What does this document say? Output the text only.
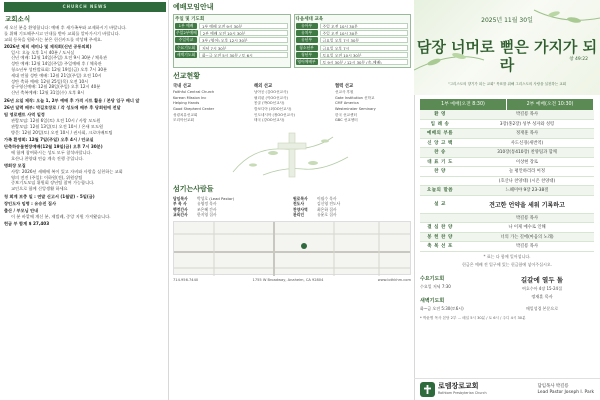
CHURCH NEWS
교회소식
새 오신 분을 환영합니다: 예배 후 새가족부와 교제하시기 바랍니다.
를 위해 기도해주시고 안내를 받아 교회를 알아가시기 바랍니다.
교회 등록을 원하시는 분은 헌신카드를 작성해 주세요.
2026년 제직 세미나 및 제직회(신년 공동의회)
일시: 오늘 오후 1시 40분 / 도서실
신년 예배: 12월 14일(주일) 오전 9시 30분 / 체육관
성탄 예배: 12월 14일(주일) 주일예배 후 / 체육관
청소년부 성탄발표회: 12월 19일(금) 오후 7시 30분
세대 연합 성탄 예배: 12월 21일(주일) 오전 10시
성탄 축하 예배: 12월 25일(목) 오전 10시
송구영신예배: 12월 28일(주일) 오후 12시 40분
신년 축복예배: 12월 31일(수) 오후 8시
26년 요일 제작: 오늘 1, 2부 예배 후 가격 시트 활용 / 본당 입구 배너 앞
26년 달력 배부: 박길호장로 / 각 성도에 배부 후 당회원에 전달
팀 영로벤트 사역 일정
관람모임: 12월 6일(토) 오전 10시 / 사랑 모도원
관람모임: 12월 13일(토) 오전 10시 / 온새 모도원
방문: 12월 20일(토) 오전 10시 / 권사회, 크로마배트팀
가족 환영회: 12월 7일(주일) 오후 4시 / 안교실
단축하송물현장예배(12월 19일(금) 오후 7시 30분)
에 함께 참여하시는 성도 모두 참석바랍니다.
호산나 찬양대 연습 계속 진행 중입니다.
명회장 모집
사랑: 2026년 새해에 복이 있고 자비와 사랑을 실천하는 교회
영의 전진 (주일): 이하원(전), 위원장팀
중보기도모임 위원회 장년팀 참여 가능합니다.
교인으로 함께 신앙생활 하세요
청 회계 보충 일 : 연말 신고서 (1월말) - 5일(금)
장인도자 임명 : 유승진 집사
출산 / 부모님 안내
이 분 바깥에 계신 분, 제빌레, 중앙 지원 가져왔습니다.
헌금 부 합계 $ 27,403
예배모임안내
주일 및 기도회
1부 예배	1부 예배 오전 9시 30분
주일2부예배	2부 예배 오전 10시 30분
주일학교	3부 (영어) 오후 12시 30분
수요기도회	저녁 7시 30분
새벽기도회	화~금 오전 5시 30분 / 토 6시
다음세대 교육
유아부	주일 오전 10시 30분
유치부	주일 오전 10시 30분
유년부	금요일 오후 7시 30분
청소년부	금요일 오후 7시
청년부	토요일 오전 10시 30분
영어예배부	토 9시 30분 / 12시 30분 (송-예배)
선교현황
국내 선교
Faithful Central Church
Korean Mission Inc
Helping Hands
Good Shepherd Center
성령치유선교회
모리아선교회
해외 선교
남아공 (김OO선교사)
필리핀 (이OO선교사)
몽골 (박OO선교사)
캄보디아 (최OO선교사)
인도네시아 (정OO선교사)
태국 (강OO선교사)
협력 선교
선교사 후원
Gate Institution 신학교
CMF America
Westminster Seminary
한국 선교센터
GBC 선교센터
섬기는사람들
담임목사	박성호 (Lead Pastor)	원로목사	이필수 목사
부 목 사	유영정 목사	전도사	김신영 전도사
행정간사	조은혜 간사	찬양사역	최은하 집사
교육간사	한지영 집사	관리인	유윤호 집사
714.956.7440	1755 W Broadway, Anaheim, CA 92804	www.lothkhm.com
2025년 11월 30일
담장 너머로 뻗은 가지가 되라	창 49:22
"그리스도의 향기가 되는 교회" 목표를 위해 그리스도의 사랑을 실천하는 교회
1부 예배(오전 8:30)	2부 예배(오전 10:30)
환 영	박길룡 목사
입 례 송	3장(홍2장) 성부 성자와 성령
예배의 부름	정재훈 목사
신 앙 고 백	사도신경(새번역)
찬 송	310장(통410장) 찬양팀과 함께
대 표 기 도	이상현 장로
찬 양	늘 평안하리라 여정
(호산나 찬양대) (시온 찬양대)
오늘의 말씀	느헤미야 9장 23-38절
설 교	견고한 언약을 세워 기록하고
박길룡 목사
결 심 찬 양	나 이제 예수로 인해
봉 헌 찬 양	너의 가는 길에(마음의 노래)
축 복 선 포	박길룡 목사
* 표는 다 함께 일어섭니다.
헌금은 예배 전 입구에 있는 헌금함에 넣어주십시오.
수요기도회
수요일 저녁 7:30
새벽기도회
화~금 오전 5:30(토6시)
길갈에 열두 돌
여호수아 4장 15-24절
정재훈 목사
매일성경 본문으로
* 박윤병 목사 본당 2부 ... 매일 5시 30분 / 토 6시 / 주디 4시 30분
로뎀장로교회
Rothtom Presbyterian Church
담임목사 박길룡
Lead Pastor Joseph I. Park
